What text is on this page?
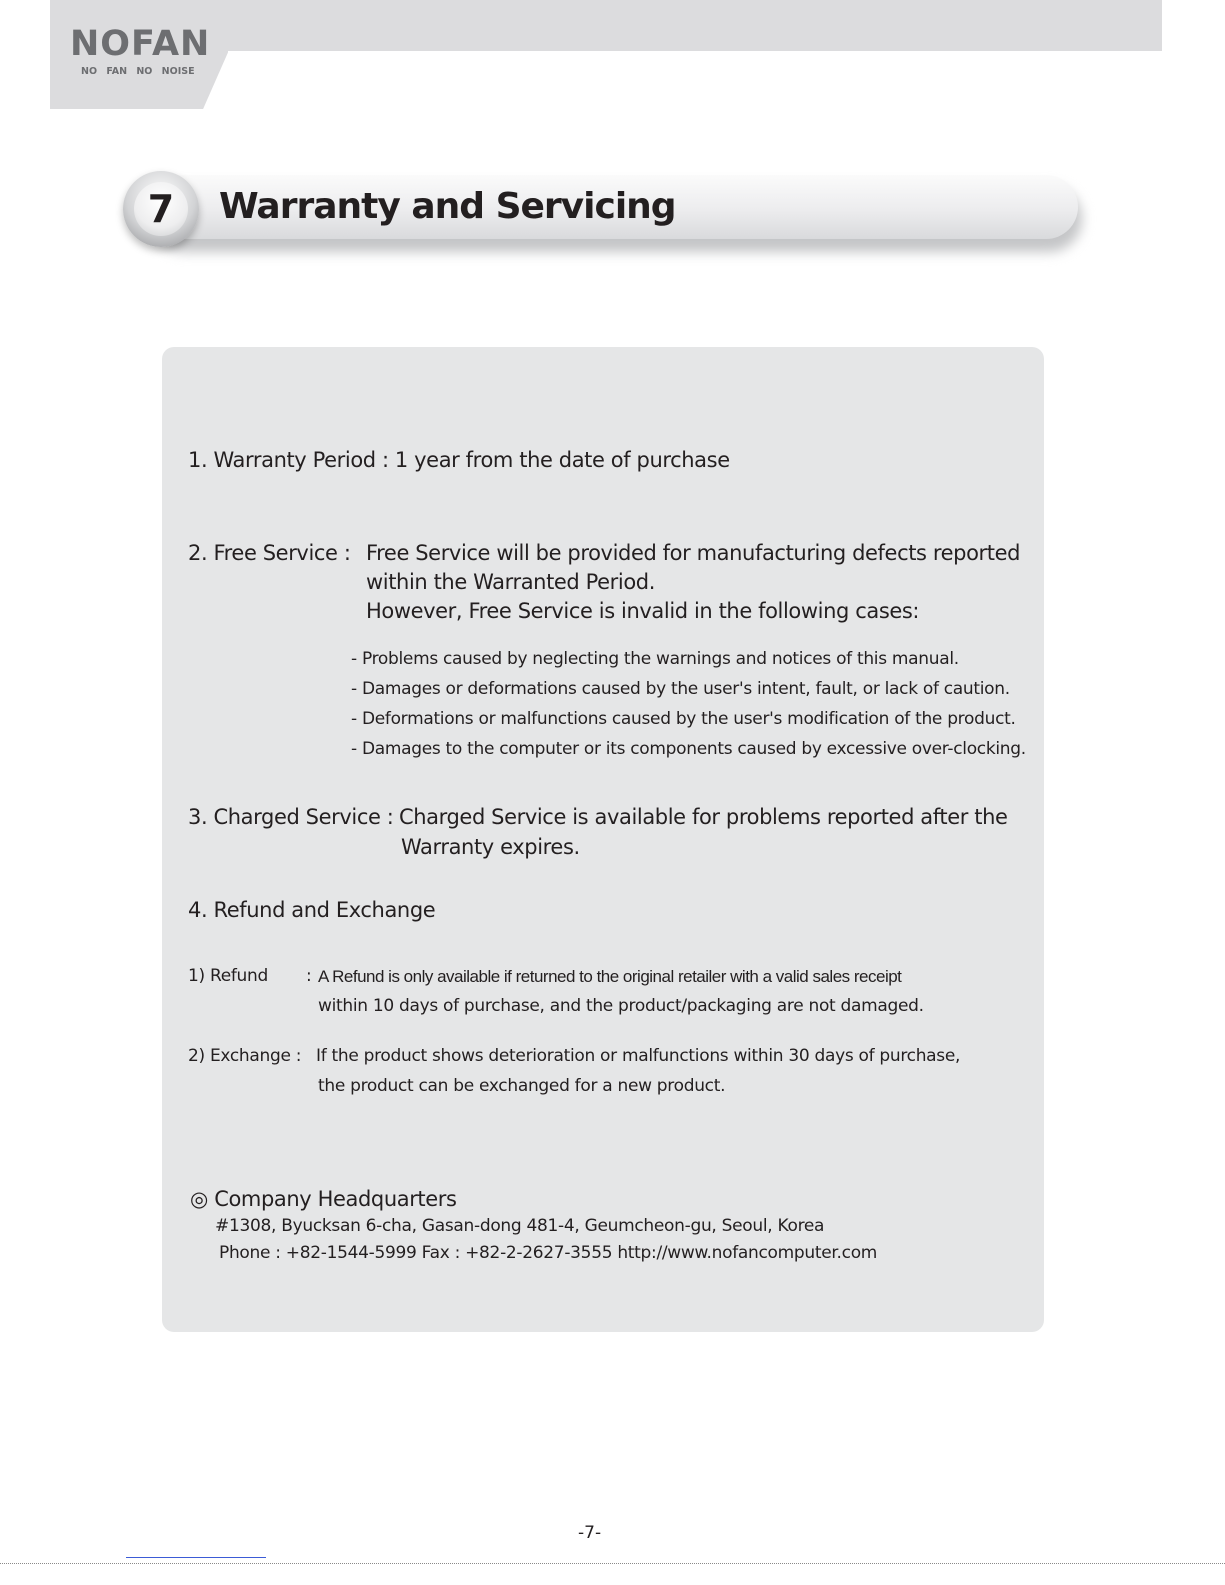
NOFAN
NO FAN NO NOISE
7	Warranty and Servicing
1. Warranty Period : 1 year from the date of purchase
2. Free Service : Free Service will be provided for manufacturing defects reported
within the Warranted Period.
However, Free Service is invalid in the following cases:
- Problems caused by neglecting the warnings and notices of this manual.
- Damages or deformations caused by the user's intent, fault, or lack of caution.
- Deformations or malfunctions caused by the user's modification of the product.
- Damages to the computer or its components caused by excessive over-clocking.
3. Charged Service : Charged Service is available for problems reported after the
Warranty expires.
4. Refund and Exchange
1) Refund : A Refund is only available if returned to the original retailer with a valid sales receipt
within 10 days of purchase, and the product/packaging are not damaged.
2) Exchange : If the product shows deterioration or malfunctions within 30 days of purchase,
the product can be exchanged for a new product.
◎ Company Headquarters
#1308, Byucksan 6-cha, Gasan-dong 481-4, Geumcheon-gu, Seoul, Korea
Phone : +82-1544-5999 Fax : +82-2-2627-3555 http://www.nofancomputer.com
-7-
